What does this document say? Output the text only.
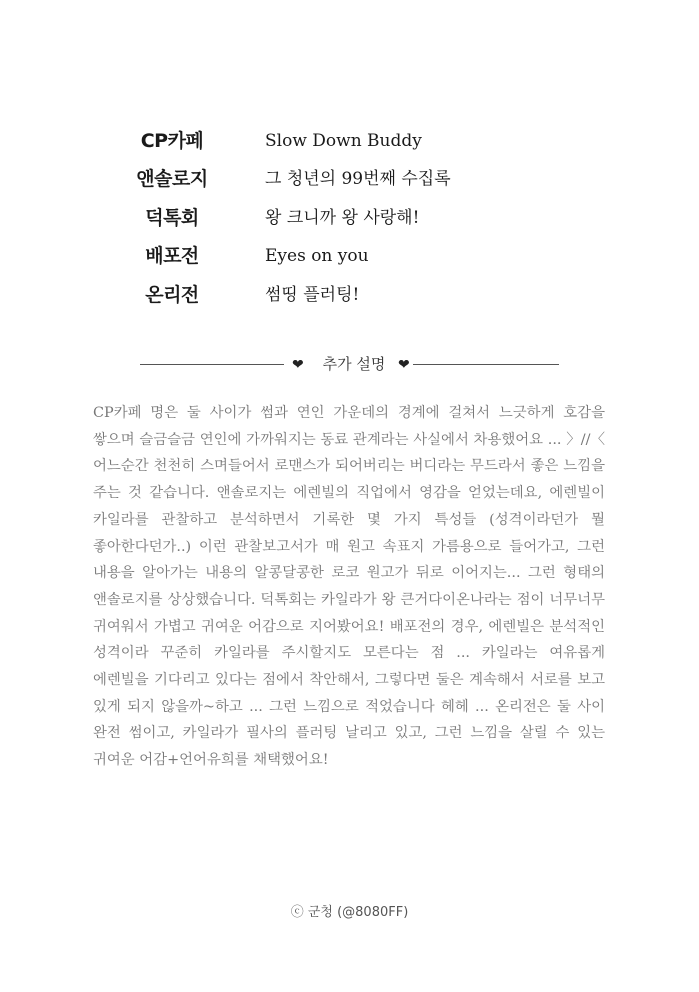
CP카페	Slow Down Buddy
앤솔로지	그 청년의 99번째 수집록
덕톡회	왕 크니까 왕 사랑해!
배포전	Eyes on you
온리전	썸띵 플러팅!
❤	추가 설명 ❤
CP카페 명은 둘 사이가 썸과 연인 가운데의 경계에 걸쳐서 느긋하게 호감을 쌓으며 슬금슬금 연인에 가까워지는 동료 관계라는 사실에서 차용했어요 ... 〉//〈 어느순간 천천히 스며들어서 로맨스가 되어버리는 버디라는 무드라서 좋은 느낌을 주는 것 같습니다. 앤솔로지는 에렌빌의 직업에서 영감을 얻었는데요, 에렌빌이 카일라를 관찰하고 분석하면서 기록한 몇 가지 특성들 (성격이라던가 뭘 좋아한다던가..) 이런 관찰보고서가 매 원고 속표지 가름용으로 들어가고, 그런 내용을 알아가는 내용의 알콩달콩한 로코 원고가 뒤로 이어지는... 그런 형태의 앤솔로지를 상상했습니다. 덕톡회는 카일라가 왕 큰거다이온나라는 점이 너무너무 귀여워서 가볍고 귀여운 어감으로 지어봤어요! 배포전의 경우, 에렌빌은 분석적인 성격이라 꾸준히 카일라를 주시할지도 모른다는 점 ... 카일라는 여유롭게 에렌빌을 기다리고 있다는 점에서 착안해서, 그렇다면 둘은 계속해서 서로를 보고 있게 되지 않을까~하고 ... 그런 느낌으로 적었습니다 헤헤 ... 온리전은 둘 사이 완전 썸이고, 카일라가 필사의 플러팅 날리고 있고, 그런 느낌을 살릴 수 있는 귀여운 어감+언어유희를 채택했어요!
ⓒ 군청 (@8080FF)
